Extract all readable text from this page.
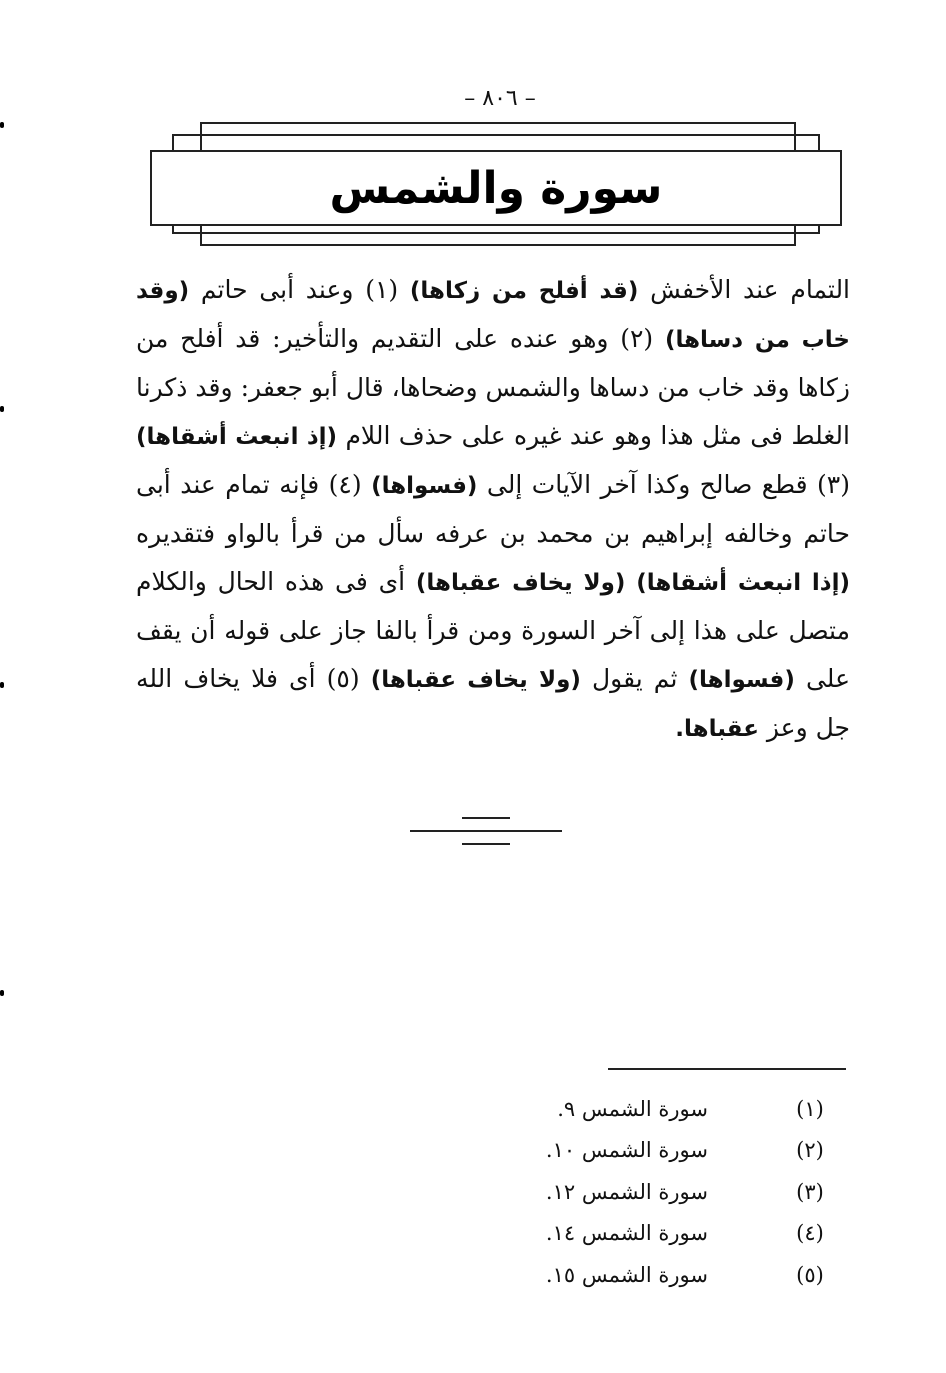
– ٨٠٦ –
سورة والشمس
التمام عند الأخفش (قد أفلح من زكاها) (١) وعند أبى حاتم (وقد خاب من دساها) (٢) وهو عنده على التقديم والتأخير: قد أفلح من زكاها وقد خاب من دساها والشمس وضحاها، قال أبو جعفر: وقد ذكرنا الغلط فى مثل هذا وهو عند غيره على حذف اللام (إذ انبعث أشقاها) (٣) قطع صالح وكذا آخر الآيات إلى (فسواها) (٤) فإنه تمام عند أبى حاتم وخالفه إبراهيم بن محمد بن عرفه سأل من قرأ بالواو فتقديره (إذا انبعث أشقاها) (ولا يخاف عقباها) أى فى هذه الحال والكلام متصل على هذا إلى آخر السورة ومن قرأ بالفا جاز على قوله أن يقف على (فسواها) ثم يقول (ولا يخاف عقباها) (٥) أى فلا يخاف الله جل وعز عقباها.
(١)
سورة الشمس ٩.
(٢)
سورة الشمس ١٠.
(٣)
سورة الشمس ١٢.
(٤)
سورة الشمس ١٤.
(٥)
سورة الشمس ١٥.
